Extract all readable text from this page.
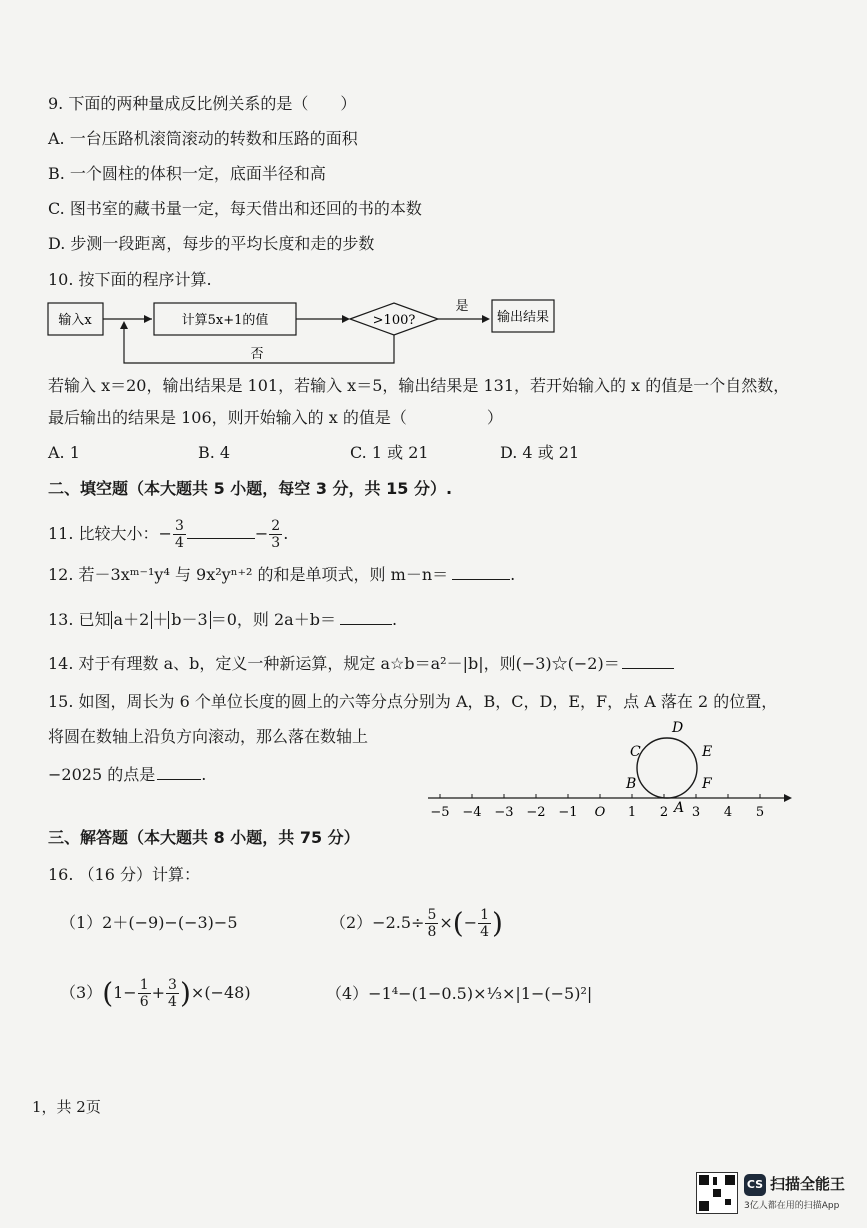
9. 下面的两种量成反比例关系的是（　　）
A. 一台压路机滚筒滚动的转数和压路的面积
B. 一个圆柱的体积一定，底面半径和高
C. 图书室的藏书量一定，每天借出和还回的书的本数
D. 步测一段距离，每步的平均长度和走的步数
10. 按下面的程序计算.
输入x	计算5x+1的值	>100?
是
输出结果
否
若输入 x＝20，输出结果是 101，若输入 x＝5，输出结果是 131，若开始输入的 x 的值是一个自然数，
最后输出的结果是 106，则开始输入的 x 的值是（　　　　　）
A. 1	B. 4	C. 1 或 21	D. 4 或 21
二、填空题（本大题共 5 小题，每空 3 分，共 15 分）.
11. 比较大小：− $\frac{3}{4}$	− $\frac{2}{3}$ .
12. 若－3xᵐ⁻¹y⁴ 与 9x²yⁿ⁺² 的和是单项式，则 m－n＝	.
13. 已知 a＋2 ＋ b－3 ＝0，则 2a＋b＝	.
14. 对于有理数 a、b，定义一种新运算，规定 a☆b＝a²－|b|，则(−3)☆(−2)＝
15. 如图，周长为 6 个单位长度的圆上的六等分点分别为 A，B，C，D，E，F，点 A 落在 2 的位置，
将圆在数轴上沿负方向滚动，那么落在数轴上
−2025 的点是	.
−5 −4 −3 −2 −1 O 1 2 3 4 5
A
B
C
D
E
F
三、解答题（本大题共 8 小题，共 75 分）
16. （16 分）计算：
（1）2＋(−9)−(−3)−5	$(2)-2.5\div \frac{5}{8}$ ×(− $\frac{1}{4}$ )
$(3)(1- \frac{1}{6} + \frac{3}{4} )\times(-48)$	（4）−1⁴−(1−0.5)×⅓×|1−(−5)²|
1，共 2页
CS 扫描全能王
3亿人都在用的扫描App
